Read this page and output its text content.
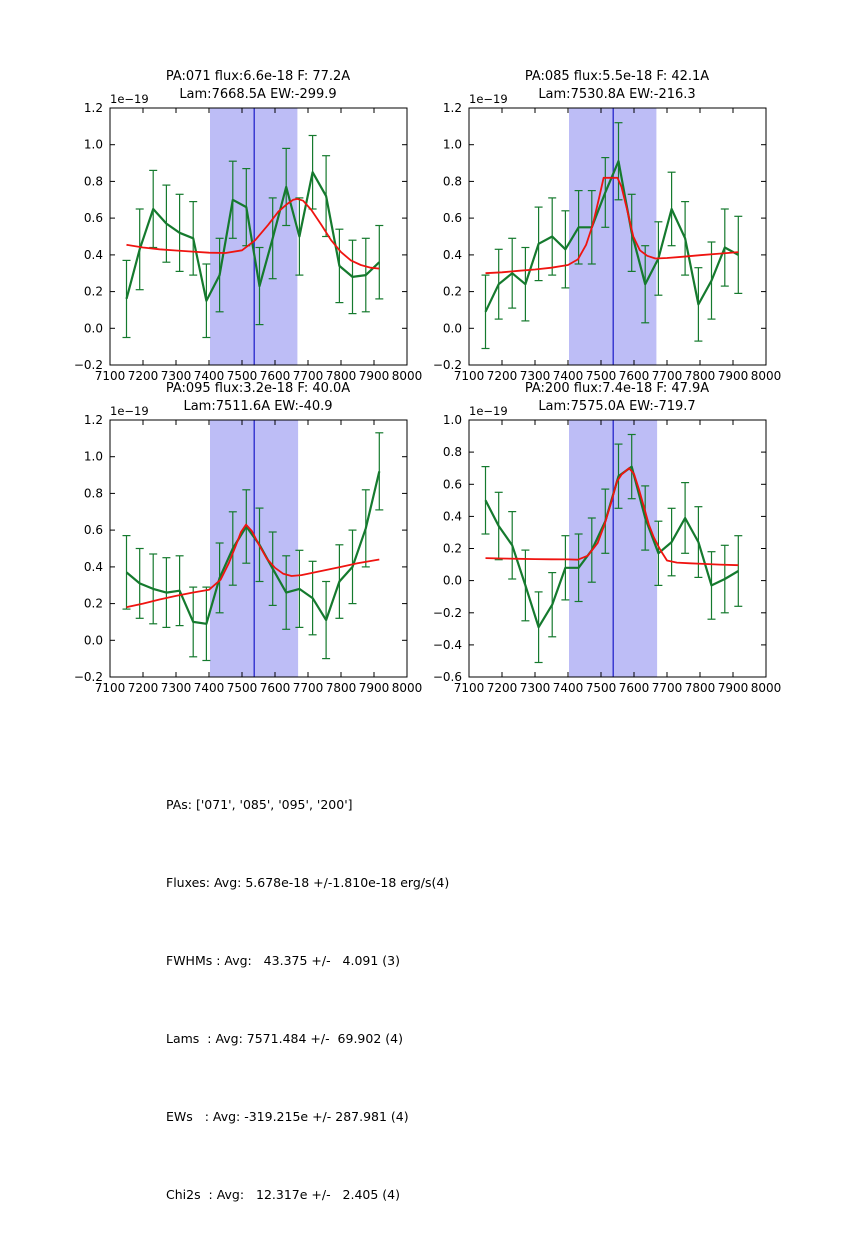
PA:071 flux:6.6e-18 F: 77.2A
Lam:7668.5A EW:-299.9
1e−19
7100 7200 7300 7400 7500 7600 7700 7800 7900 8000
−0.2
0.0
0.2
0.4
0.6
0.8
1.0
1.2
PA:085 flux:5.5e-18 F: 42.1A
Lam:7530.8A EW:-216.3
1e−19
7100 7200 7300 7400 7500 7600 7700 7800 7900 8000
−0.2
0.0
0.2
0.4
0.6
0.8
1.0
1.2
PA:095 flux:3.2e-18 F: 40.0A
Lam:7511.6A EW:-40.9
1e−19
7100 7200 7300 7400 7500 7600 7700 7800 7900 8000
−0.2
0.0
0.2
0.4
0.6
0.8
1.0
1.2
PA:200 flux:7.4e-18 F: 47.9A
Lam:7575.0A EW:-719.7
1e−19
7100 7200 7300 7400 7500 7600 7700 7800 7900 8000
−0.6
−0.4
−0.2
0.0
0.2
0.4
0.6
0.8
1.0

PAs: ['071', '085', '095', '200']

Fluxes: Avg: 5.678e-18 +/-1.810e-18 erg/s(4)

FWHMs : Avg:   43.375 +/-   4.091 (3)

Lams  : Avg: 7571.484 +/-  69.902 (4)

EWs   : Avg: -319.215e +/- 287.981 (4)

Chi2s  : Avg:   12.317e +/-   2.405 (4)
